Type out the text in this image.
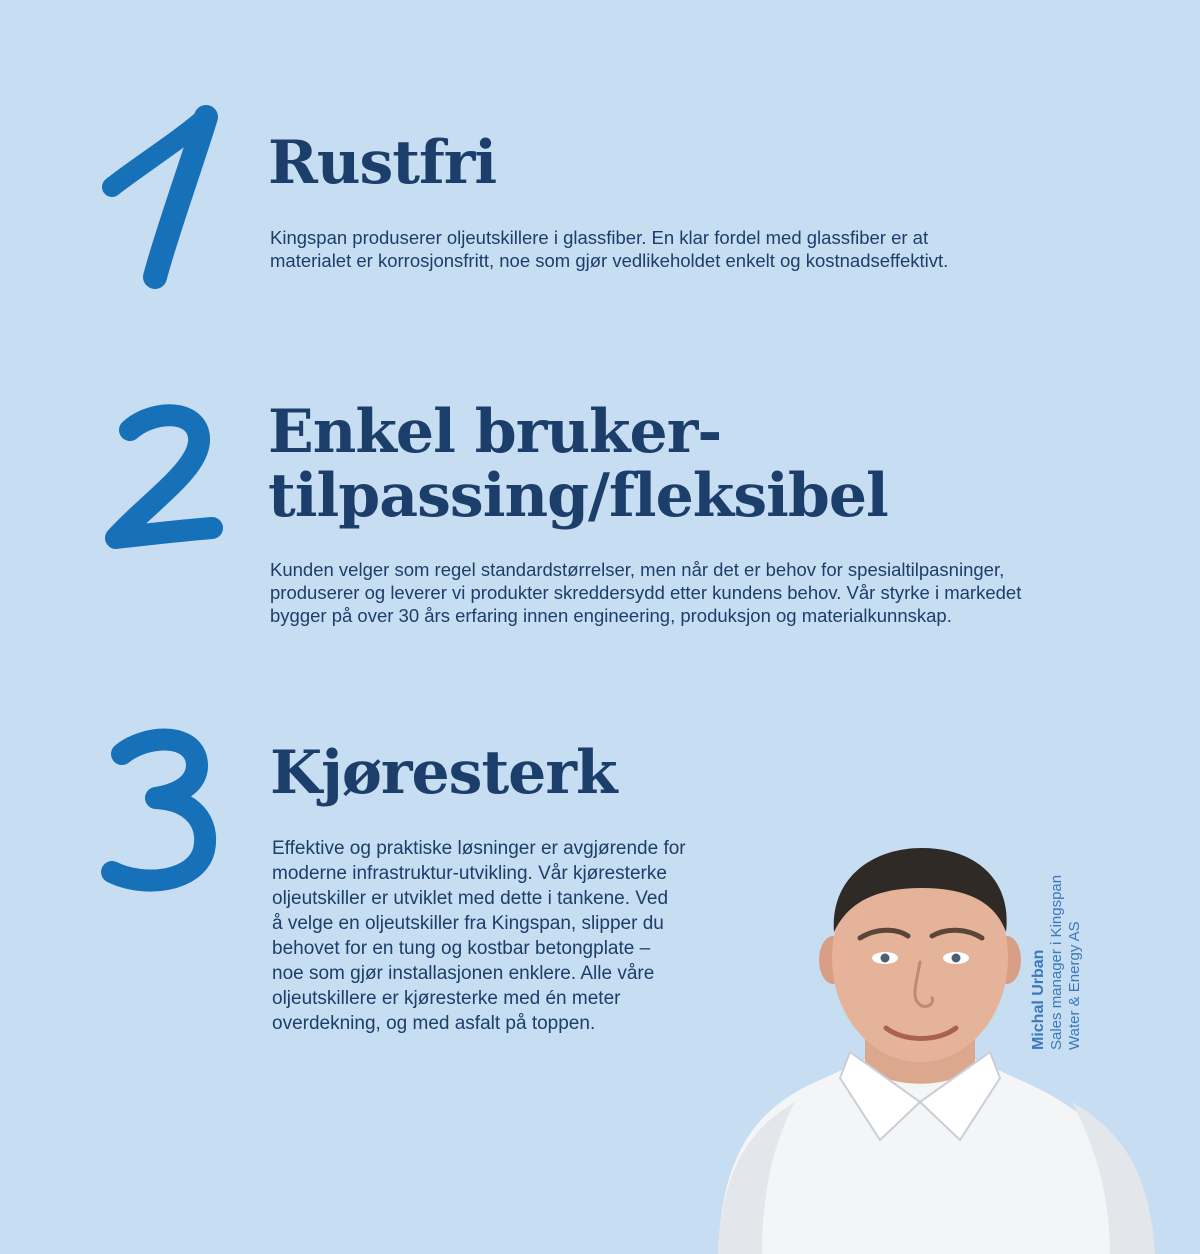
Rustfri

Kingspan produserer oljeutskillere i glassfiber. En klar fordel med glassfiber er at
materialet er korrosjonsfritt, noe som gjør vedlikeholdet enkelt og kostnadseffektivt.

Enkel bruker-
tilpassing/fleksibel

Kunden velger som regel standardstørrelser, men når det er behov for spesialtilpasninger,
produserer og leverer vi produkter skreddersydd etter kundens behov. Vår styrke i markedet
bygger på over 30 års erfaring innen engineering, produksjon og materialkunnskap.

Kjøresterk

Effektive og praktiske løsninger er avgjørende for
moderne infrastruktur-utvikling. Vår kjøresterke
oljeutskiller er utviklet med dette i tankene. Ved
å velge en oljeutskiller fra Kingspan, slipper du
behovet for en tung og kostbar betongplate –
noe som gjør installasjonen enklere. Alle våre
oljeutskillere er kjøresterke med én meter
overdekning, og med asfalt på toppen.	Michal Urban Sales manager i Kingspan Water & Energy AS
